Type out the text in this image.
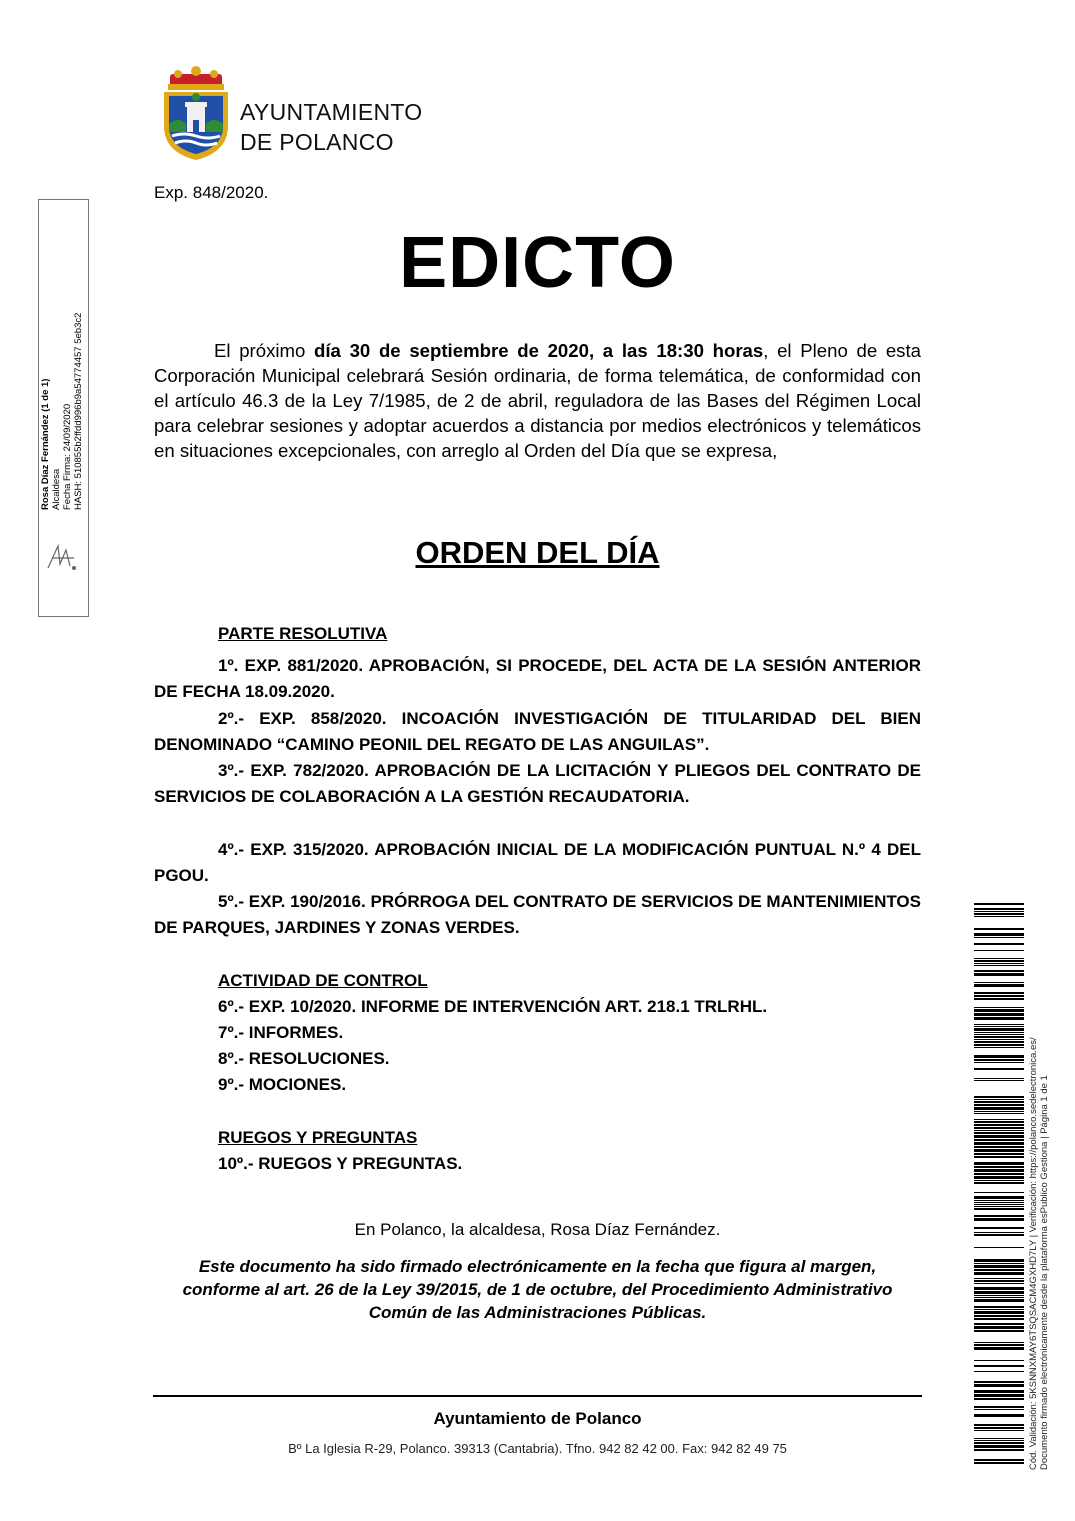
AYUNTAMIENTO
DE POLANCO
Exp. 848/2020.
EDICTO
El próximo día 30 de septiembre de 2020, a las 18:30 horas, el Pleno de esta Corporación Municipal celebrará Sesión ordinaria, de forma telemática, de conformidad con el artículo 46.3 de la Ley 7/1985, de 2 de abril, reguladora de las Bases del Régimen Local para celebrar sesiones y adoptar acuerdos a distancia por medios electrónicos y telemáticos en situaciones excepcionales, con arreglo al Orden del Día que se expresa,
ORDEN DEL DÍA
PARTE RESOLUTIVA
1º. EXP. 881/2020. APROBACIÓN, SI PROCEDE, DEL ACTA DE LA SESIÓN ANTERIOR DE FECHA 18.09.2020.
2º.- EXP. 858/2020. INCOACIÓN INVESTIGACIÓN DE TITULARIDAD DEL BIEN DENOMINADO “CAMINO PEONIL DEL REGATO DE LAS ANGUILAS”.
3º.- EXP. 782/2020. APROBACIÓN DE LA LICITACIÓN Y PLIEGOS DEL CONTRATO DE SERVICIOS DE COLABORACIÓN A LA GESTIÓN RECAUDATORIA.
4º.- EXP. 315/2020. APROBACIÓN INICIAL DE LA MODIFICACIÓN PUNTUAL N.º 4 DEL PGOU.
5º.- EXP. 190/2016. PRÓRROGA DEL CONTRATO DE SERVICIOS DE MANTENIMIENTOS DE PARQUES, JARDINES Y ZONAS VERDES.
ACTIVIDAD DE CONTROL
6º.- EXP. 10/2020. INFORME DE INTERVENCIÓN ART. 218.1 TRLRHL.
7º.- INFORMES.
8º.- RESOLUCIONES.
9º.- MOCIONES.
RUEGOS Y PREGUNTAS
10º.- RUEGOS Y PREGUNTAS.
En Polanco, la alcaldesa, Rosa Díaz Fernández.
Este documento ha sido firmado electrónicamente en la fecha que figura al margen, conforme al art. 26 de la Ley 39/2015, de 1 de octubre, del Procedimiento Administrativo Común de las Administraciones Públicas.
Ayuntamiento de Polanco
Bº La Iglesia R-29, Polanco. 39313 (Cantabria). Tfno. 942 82 42 00. Fax: 942 82 49 75
Rosa Díaz Fernández (1 de 1) Alcaldesa Fecha Firma: 24/09/2020 HASH: 510855b2ffdd996b9a54774457 5eb3c2
Cód. Validación: 5KSNNXMAY6TSQSACM4GXHD7LY | Verificación: https://polanco.sedelectronica.es/ Documento firmado electrónicamente desde la plataforma esPublico Gestiona | Página 1 de 1
